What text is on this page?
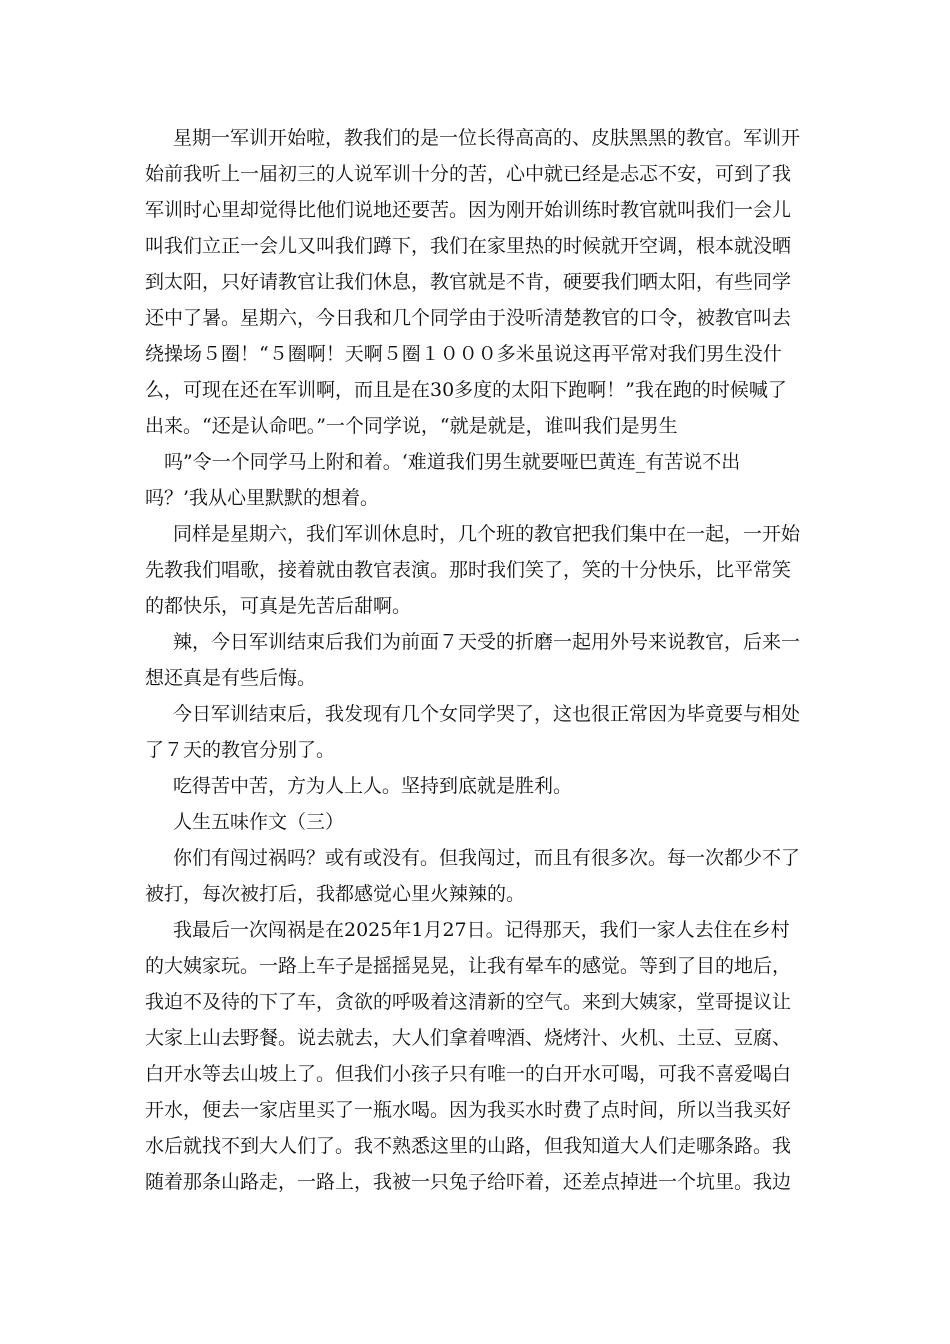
星期一军训开始啦，教我们的是一位长得高高的、皮肤黑黑的教官。军训开
始前我听上一届初三的人说军训十分的苦，心中就已经是忐忑不安，可到了我
军训时心里却觉得比他们说地还要苦。因为刚开始训练时教官就叫我们一会儿
叫我们立正一会儿又叫我们蹲下，我们在家里热的时候就开空调，根本就没晒
到太阳，只好请教官让我们休息，教官就是不肯，硬要我们晒太阳，有些同学
还中了暑。星期六，今日我和几个同学由于没听清楚教官的口令，被教官叫去
绕操场５圈！“５圈啊！天啊５圈１０００多米虽说这再平常对我们男生没什
么，可现在还在军训啊，而且是在30多度的太阳下跑啊！”我在跑的时候喊了
出来。“还是认命吧。”一个同学说，“就是就是，谁叫我们是男生
吗”令一个同学马上附和着。‘难道我们男生就要哑巴黄连_有苦说不出
吗？’我从心里默默的想着。
同样是星期六，我们军训休息时，几个班的教官把我们集中在一起，一开始
先教我们唱歌，接着就由教官表演。那时我们笑了，笑的十分快乐，比平常笑
的都快乐，可真是先苦后甜啊。
辣，今日军训结束后我们为前面７天受的折磨一起用外号来说教官，后来一
想还真是有些后悔。
今日军训结束后，我发现有几个女同学哭了，这也很正常因为毕竟要与相处
了７天的教官分别了。
吃得苦中苦，方为人上人。坚持到底就是胜利。
人生五味作文（三）
你们有闯过祸吗？或有或没有。但我闯过，而且有很多次。每一次都少不了
被打，每次被打后，我都感觉心里火辣辣的。
我最后一次闯祸是在2025年1月27日。记得那天，我们一家人去住在乡村
的大姨家玩。一路上车子是摇摇晃晃，让我有晕车的感觉。等到了目的地后，
我迫不及待的下了车，贪欲的呼吸着这清新的空气。来到大姨家，堂哥提议让
大家上山去野餐。说去就去，大人们拿着啤酒、烧烤汁、火机、土豆、豆腐、
白开水等去山坡上了。但我们小孩子只有唯一的白开水可喝，可我不喜爱喝白
开水，便去一家店里买了一瓶水喝。因为我买水时费了点时间，所以当我买好
水后就找不到大人们了。我不熟悉这里的山路，但我知道大人们走哪条路。我
随着那条山路走，一路上，我被一只兔子给吓着，还差点掉进一个坑里。我边
